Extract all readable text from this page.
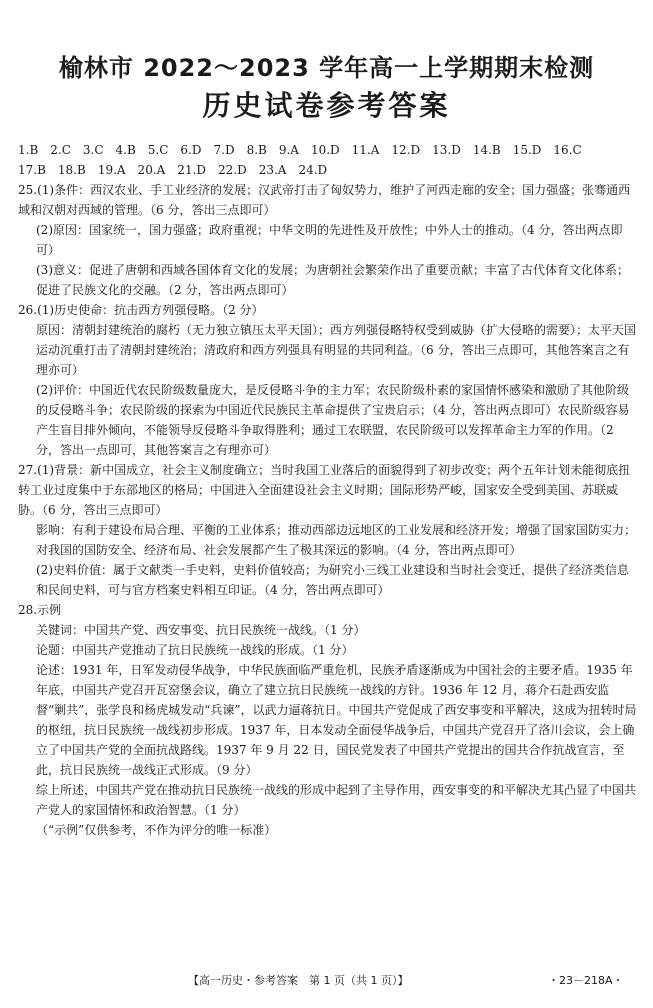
榆林市 2022～2023 学年高一上学期期末检测
历史试卷参考答案
1.B　2.C　3.C　4.B　5.C　6.D　7.D　8.B　9.A　10.D　11.A　12.D　13.D　14.B　15.D　16.C
17.B　18.B　19.A　20.A　21.D　22.D　23.A　24.D

25.(1)条件：西汉农业、手工业经济的发展；汉武帝打击了匈奴势力，维护了河西走廊的安全；国力强盛；张骞通西域和汉朝对西域的管理。（6 分，答出三点即可）

(2)原因：国家统一，国力强盛；政府重视；中华文明的先进性及开放性；中外人士的推动。（4 分，答出两点即可）

(3)意义：促进了唐朝和西域各国体育文化的发展；为唐朝社会繁荣作出了重要贡献；丰富了古代体育文化体系；促进了民族文化的交融。（2 分，答出两点即可）

26.(1)历史使命：抗击西方列强侵略。（2 分）

原因：清朝封建统治的腐朽（无力独立镇压太平天国）；西方列强侵略特权受到威胁（扩大侵略的需要）；太平天国运动沉重打击了清朝封建统治；清政府和西方列强具有明显的共同利益。（6 分，答出三点即可，其他答案言之有理亦可）

(2)评价：中国近代农民阶级数量庞大，是反侵略斗争的主力军；农民阶级朴素的家国情怀感染和激励了其他阶级的反侵略斗争；农民阶级的探索为中国近代民族民主革命提供了宝贵启示；（4 分，答出两点即可）农民阶级容易产生盲目排外倾向，不能领导反侵略斗争取得胜利；通过工农联盟，农民阶级可以发挥革命主力军的作用。（2 分，答出一点即可，其他答案言之有理亦可）

27.(1)背景：新中国成立，社会主义制度确立；当时我国工业落后的面貌得到了初步改变；两个五年计划未能彻底扭转工业过度集中于东部地区的格局；中国进入全面建设社会主义时期；国际形势严峻，国家安全受到美国、苏联威胁。（6 分，答出三点即可）

影响：有利于建设布局合理、平衡的工业体系；推动西部边远地区的工业发展和经济开发；增强了国家国防实力；对我国的国防安全、经济布局、社会发展都产生了极其深远的影响。（4 分，答出两点即可）

(2)史料价值：属于文献类一手史料，史料价值较高；为研究小三线工业建设和当时社会变迁，提供了经济类信息和民间史料，可与官方档案史料相互印证。（4 分，答出两点即可）

28.示例

关键词：中国共产党、西安事变、抗日民族统一战线。（1 分）

论题：中国共产党推动了抗日民族统一战线的形成。（1 分）

论述：1931 年，日军发动侵华战争，中华民族面临严重危机，民族矛盾逐渐成为中国社会的主要矛盾。1935 年年底，中国共产党召开瓦窑堡会议，确立了建立抗日民族统一战线的方针。1936 年 12 月，蒋介石赴西安监督“剿共”，张学良和杨虎城发动“兵谏”，以武力逼蒋抗日。中国共产党促成了西安事变和平解决，这成为扭转时局的枢纽，抗日民族统一战线初步形成。1937 年，日本发动全面侵华战争后，中国共产党召开了洛川会议，会上确立了中国共产党的全面抗战路线。1937 年 9 月 22 日，国民党发表了中国共产党提出的国共合作抗战宣言，至此，抗日民族统一战线正式形成。（9 分）

综上所述，中国共产党在推动抗日民族统一战线的形成中起到了主导作用，西安事变的和平解决尤其凸显了中国共产党人的家国情怀和政治智慧。（1 分）

（“示例”仅供参考，不作为评分的唯一标准）

【高一历史・参考答案　第 1 页（共 1 页）】	・23－218A・
